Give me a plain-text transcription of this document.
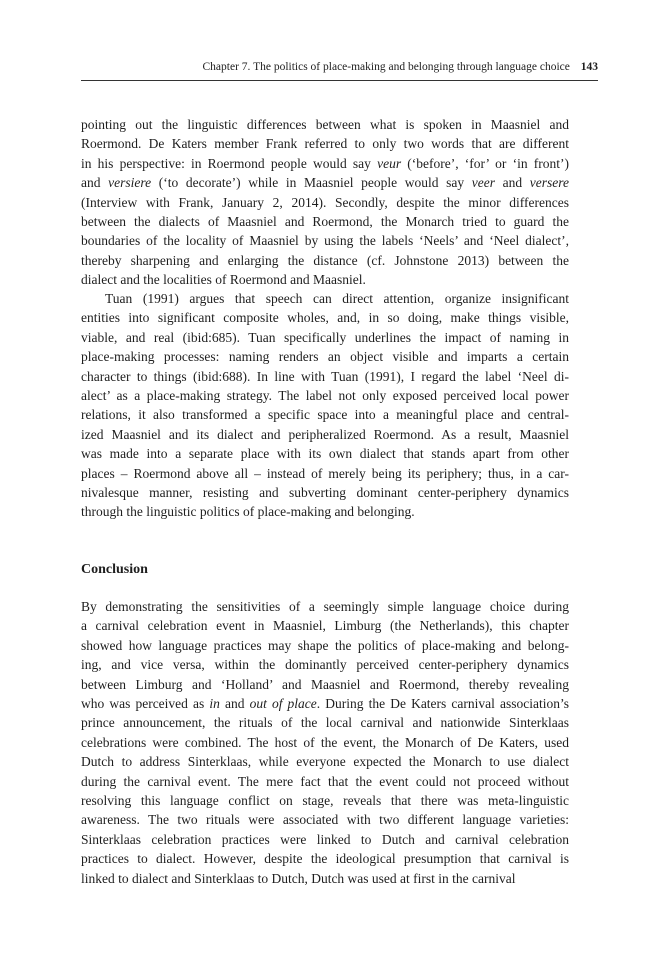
Chapter 7. The politics of place-making and belonging through language choice 143
pointing out the linguistic differences between what is spoken in Maasniel and
Roermond. De Katers member Frank referred to only two words that are different
in his perspective: in Roermond people would say veur (‘before’, ‘for’ or ‘in front’)
and versiere (‘to decorate’) while in Maasniel people would say veer and versere
(Interview with Frank, January 2, 2014). Secondly, despite the minor differences
between the dialects of Maasniel and Roermond, the Monarch tried to guard the
boundaries of the locality of Maasniel by using the labels ‘Neels’ and ‘Neel dialect’,
thereby sharpening and enlarging the distance (cf. Johnstone 2013) between the
dialect and the localities of Roermond and Maasniel.
Tuan (1991) argues that speech can direct attention, organize insignificant
entities into significant composite wholes, and, in so doing, make things visible,
viable, and real (ibid:685). Tuan specifically underlines the impact of naming in
place-making processes: naming renders an object visible and imparts a certain
character to things (ibid:688). In line with Tuan (1991), I regard the label ‘Neel di-
alect’ as a place-making strategy. The label not only exposed perceived local power
relations, it also transformed a specific space into a meaningful place and central-
ized Maasniel and its dialect and peripheralized Roermond. As a result, Maasniel
was made into a separate place with its own dialect that stands apart from other
places – Roermond above all – instead of merely being its periphery; thus, in a car-
nivalesque manner, resisting and subverting dominant center-periphery dynamics
through the linguistic politics of place-making and belonging.
Conclusion
By demonstrating the sensitivities of a seemingly simple language choice during
a carnival celebration event in Maasniel, Limburg (the Netherlands), this chapter
showed how language practices may shape the politics of place-making and belong-
ing, and vice versa, within the dominantly perceived center-periphery dynamics
between Limburg and ‘Holland’ and Maasniel and Roermond, thereby revealing
who was perceived as in and out of place. During the De Katers carnival association’s
prince announcement, the rituals of the local carnival and nationwide Sinterklaas
celebrations were combined. The host of the event, the Monarch of De Katers, used
Dutch to address Sinterklaas, while everyone expected the Monarch to use dialect
during the carnival event. The mere fact that the event could not proceed without
resolving this language conflict on stage, reveals that there was meta-linguistic
awareness. The two rituals were associated with two different language varieties:
Sinterklaas celebration practices were linked to Dutch and carnival celebration
practices to dialect. However, despite the ideological presumption that carnival is
linked to dialect and Sinterklaas to Dutch, Dutch was used at first in the carnival
